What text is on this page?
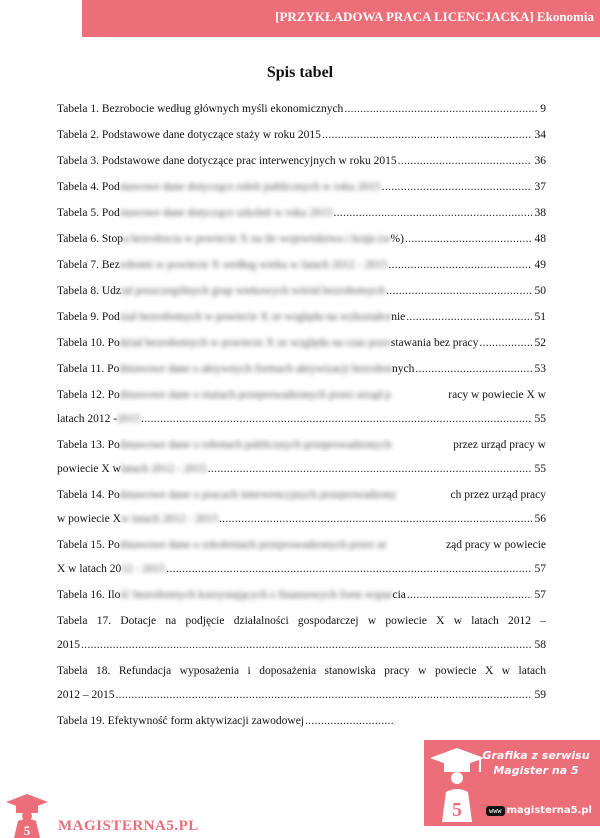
[PRZYKŁADOWA PRACA LICENCJACKA] Ekonomia
Spis tabel
Tabela 1. Bezrobocie według głównych myśli ekonomicznych .....	9
Tabela 2. Podstawowe dane dotyczące staży w roku 2015 .....	34
Tabela 3. Podstawowe dane dotyczące prac interwencyjnych w roku 2015 .....	36
Tabela 4. Pod stawowe dane dotyczące robót publicznych w roku 2015 .....	37
Tabela 5. Pod stawowe dane dotyczące szkoleń w roku 2015 .....	38
Tabela 6. Stop a bezrobocia w powiecie X na tle województwa i kraju (w %) .....	48
Tabela 7. Bez robotni w powiecie X według wieku w latach 2012 - 2015 .....	49
Tabela 8. Udz iał poszczególnych grup wiekowych wśród bezrobotnych .....	50
Tabela 9. Pod ział bezrobotnych w powiecie X ze względu na wykształce nie .....	51
Tabela 10. Po dział bezrobotnych w powiecie X ze względu na czas pozo stawania bez pracy .....	52
Tabela 11. Po dstawowe dane o aktywnych formach aktywizacji bezrobot nych .....	53
Tabela 12. Podstawowe dane o stażach przeprowadzonych przez urząd p	racy w powiecie X w
latach 2012 - 2015 .....	55
Tabela 13. Podstawowe dane o robotach publicznych przeprowadzonych	przez urząd pracy w
powiecie X w latach 2012 - 2015 .....	55
Tabela 14. Podstawowe dane o pracach interwencyjnych przeprowadzony	ch przez urząd pracy
w powiecie X w latach 2012 - 2015 .....	56
Tabela 15. Podstawowe dane o szkoleniach przeprowadzonych przez ur	ząd pracy w powiecie
X w latach 20 12 - 2015 .....	57
Tabela 16. Ilo ść bezrobotnych korzystających z finansowych form wspar cia .....	57
Tabela 17. Dotacje na podjęcie działalności gospodarczej w powiecie X w latach 2012 –
2015 .....	58
Tabela 18. Refundacja wyposażenia i doposażenia stanowiska pracy w powiecie X w latach
2012 – 2015 .....	59
Tabela 19. Efektywność form aktywizacji zawodowej
.....
5
Grafika z serwisu
Magister na 5
www magisterna5.pl
5 MAGISTERNA5.PL
